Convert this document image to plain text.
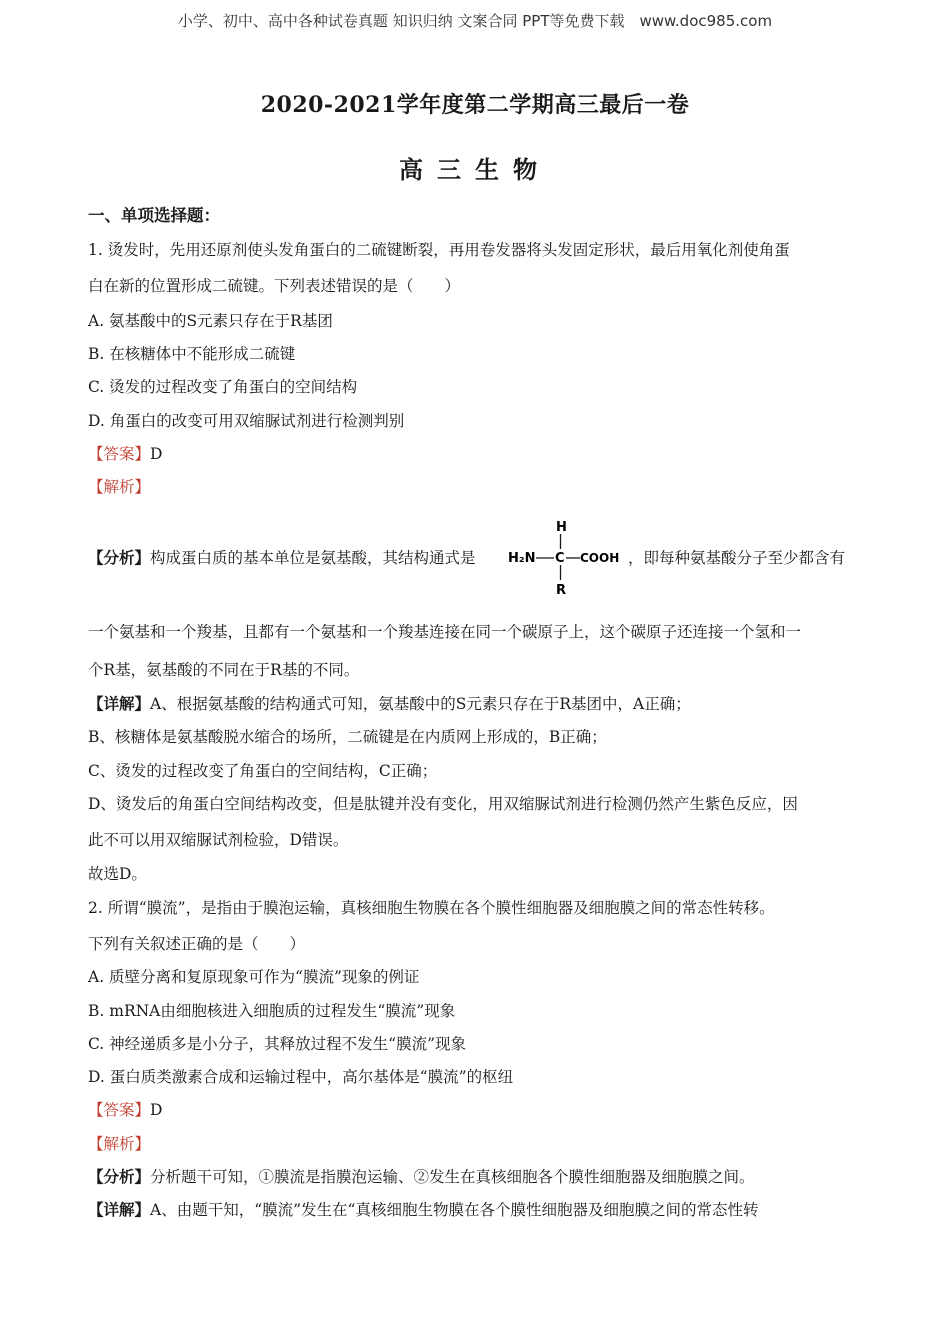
小学、初中、高中各种试卷真题 知识归纳 文案合同 PPT等免费下载　www.doc985.com
2020-2021学年度第二学期高三最后一卷
高三生物
一、单项选择题：
1. 烫发时，先用还原剂使头发角蛋白的二硫键断裂，再用卷发器将头发固定形状，最后用氧化剂使角蛋
白在新的位置形成二硫键。下列表述错误的是（　　）
A. 氨基酸中的S元素只存在于R基团
B. 在核糖体中不能形成二硫键
C. 烫发的过程改变了角蛋白的空间结构
D. 角蛋白的改变可用双缩脲试剂进行检测判别
【答案】D
【解析】
【分析】构成蛋白质的基本单位是氨基酸，其结构通式是
H
H₂N C COOH
R
，即每种氨基酸分子至少都含有
一个氨基和一个羧基，且都有一个氨基和一个羧基连接在同一个碳原子上，这个碳原子还连接一个氢和一
个R基，氨基酸的不同在于R基的不同。
【详解】A、根据氨基酸的结构通式可知，氨基酸中的S元素只存在于R基团中，A正确；
B、核糖体是氨基酸脱水缩合的场所，二硫键是在内质网上形成的，B正确；
C、烫发的过程改变了角蛋白的空间结构，C正确；
D、烫发后的角蛋白空间结构改变，但是肽键并没有变化，用双缩脲试剂进行检测仍然产生紫色反应，因
此不可以用双缩脲试剂检验，D错误。
故选D。
2. 所谓“膜流”，是指由于膜泡运输，真核细胞生物膜在各个膜性细胞器及细胞膜之间的常态性转移。
下列有关叙述正确的是（　　）
A. 质壁分离和复原现象可作为“膜流”现象的例证
B. mRNA由细胞核进入细胞质的过程发生“膜流”现象
C. 神经递质多是小分子，其释放过程不发生“膜流”现象
D. 蛋白质类激素合成和运输过程中，高尔基体是“膜流”的枢纽
【答案】D
【解析】
【分析】分析题干可知，①膜流是指膜泡运输、②发生在真核细胞各个膜性细胞器及细胞膜之间。
【详解】A、由题干知，“膜流”发生在“真核细胞生物膜在各个膜性细胞器及细胞膜之间的常态性转
